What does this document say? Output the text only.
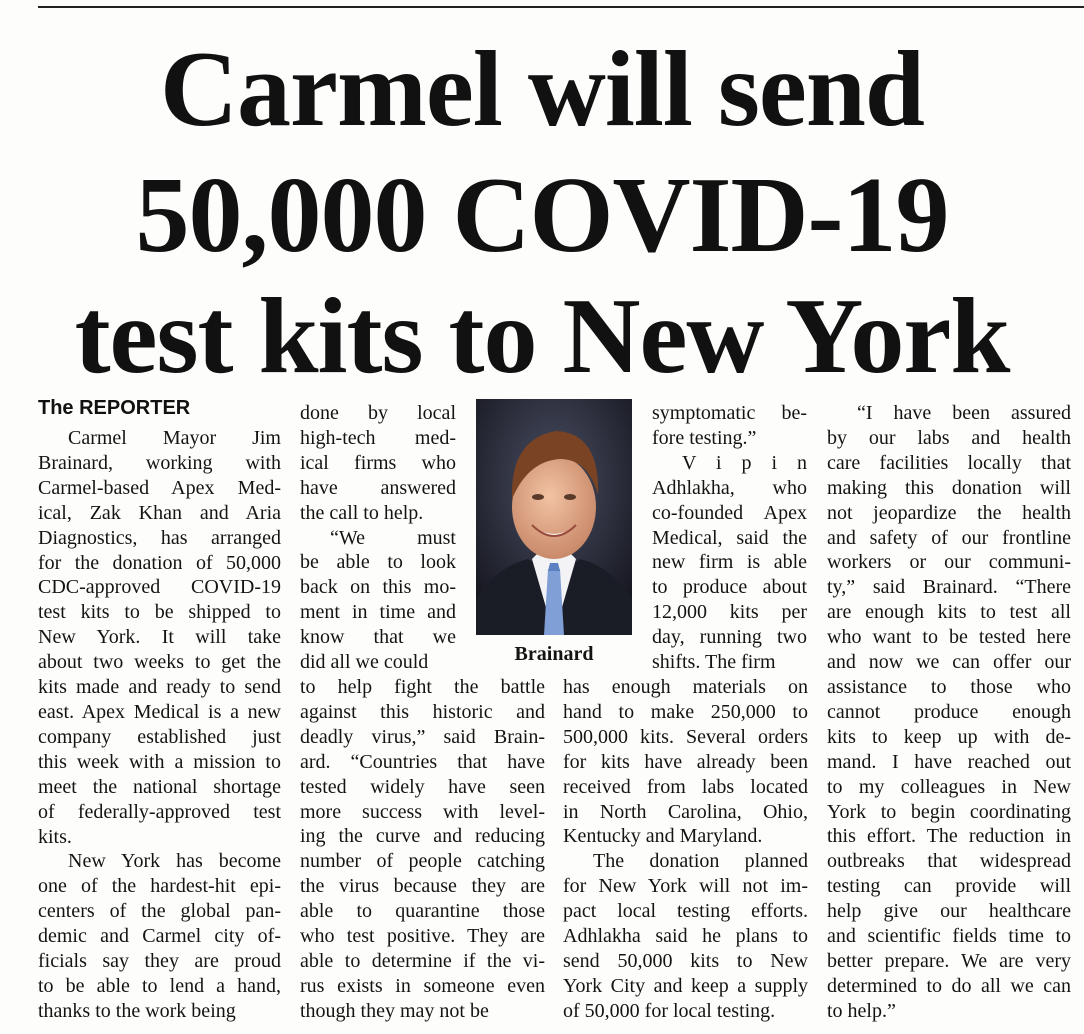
Carmel will send
50,000 COVID-19
test kits to New York
The REPORTER
Carmel Mayor Jim
Brainard, working with
Carmel-based Apex Med-
ical, Zak Khan and Aria
Diagnostics, has arranged
for the donation of 50,000
CDC-approved COVID-19
test kits to be shipped to
New York. It will take
about two weeks to get the
kits made and ready to send
east. Apex Medical is a new
company established just
this week with a mission to
meet the national shortage
of federally-approved test
kits.
New York has become
one of the hardest-hit epi-
centers of the global pan-
demic and Carmel city of-
ficials say they are proud
to be able to lend a hand,
thanks to the work being
done by local
high-tech med-
ical firms who
have answered
the call to help.
“We must
be able to look
back on this mo-
ment in time and
know that we
did all we could	Brainard
to help fight the battle
against this historic and
deadly virus,” said Brain-
ard. “Countries that have
tested widely have seen
more success with level-
ing the curve and reducing
number of people catching
the virus because they are
able to quarantine those
who test positive. They are
able to determine if the vi-
rus exists in someone even
though they may not be
symptomatic be-
fore testing.”
V i p i n
Adhlakha, who
co-founded Apex
Medical, said the
new firm is able
to produce about
12,000 kits per
day, running two
shifts. The firm
has enough materials on
hand to make 250,000 to
500,000 kits. Several orders
for kits have already been
received from labs located
in North Carolina, Ohio,
Kentucky and Maryland.
The donation planned
for New York will not im-
pact local testing efforts.
Adhlakha said he plans to
send 50,000 kits to New
York City and keep a supply
of 50,000 for local testing.
“I have been assured
by our labs and health
care facilities locally that
making this donation will
not jeopardize the health
and safety of our frontline
workers or our communi-
ty,” said Brainard. “There
are enough kits to test all
who want to be tested here
and now we can offer our
assistance to those who
cannot produce enough
kits to keep up with de-
mand. I have reached out
to my colleagues in New
York to begin coordinating
this effort. The reduction in
outbreaks that widespread
testing can provide will
help give our healthcare
and scientific fields time to
better prepare. We are very
determined to do all we can
to help.”
